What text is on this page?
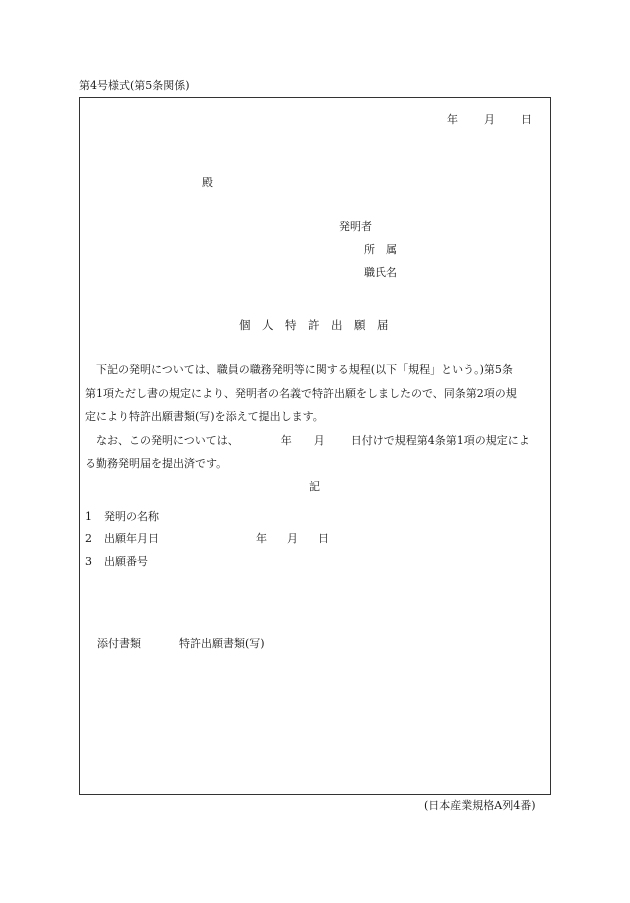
第4号様式(第5条関係)
年 月 日
殿
発明者
所　属
職氏名
個　人　特　許　出　願　届
下記の発明については、職員の職務発明等に関する規程(以下「規程」という。)第5条
第1項ただし書の規定により、発明者の名義で特許出願をしましたので、同条第2項の規
定により特許出願書類(写)を添えて提出します。
なお、この発明については、	年 月 日付けで規程第4条第1項の規定によ
る勤務発明届を提出済です。
記
1 発明の名称
2 出願年月日	年 月 日
3 出願番号
添付書類	特許出願書類(写)
(日本産業規格A列4番)
